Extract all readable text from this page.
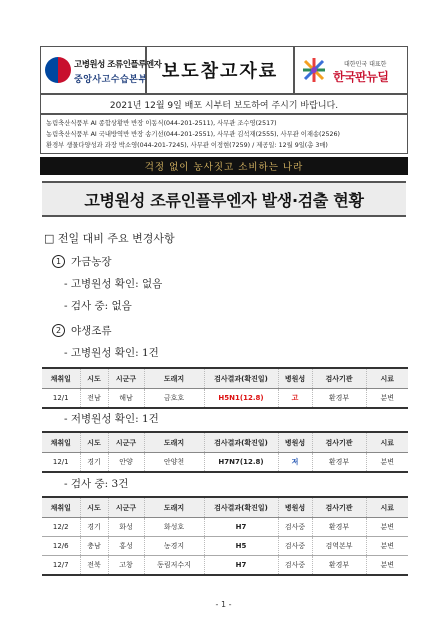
고병원성 조류인플루엔자
중앙사고수습본부 보도참고자료	대한민국 대표한
한국판뉴딜
2021년 12월 9일 배포 시부터 보도하여 주시기 바랍니다.
농림축산식품부 AI 종합상황반 반장 이동식(044-201-2511), 사무관 조수영(2517)
농림축산식품부 AI 국내방역반 반장 송기선(044-201-2551), 사무관 김석재(2555), 사무관 이재송(2526)
환경부 생물다양성과 과장 박소영(044-201-7245), 사무관 이정현(7259) / 제공일: 12월 9일(총 3매)
걱정 없이 농사짓고 소비하는 나라
고병원성 조류인플루엔자 발생·검출 현황
□ 전일 대비 주요 변경사항
1 가금농장
- 고병원성 확인: 없음
- 검사 중: 없음
2 야생조류
- 고병원성 확인: 1건
채취일	시도	시군구	도래지	검사결과(확진일)	병원성	검사기관	시료
12/1	전남	해남	금호호	H5N1(12.8)	고	환경부	분변
- 저병원성 확인: 1건
채취일	시도	시군구	도래지	검사결과(확진일)	병원성	검사기관	시료
12/1	경기	안양	안양천	H7N7(12.8)	저	환경부	분변
- 검사 중: 3건
채취일	시도	시군구	도래지	검사결과(확진일)	병원성	검사기관	시료
12/2	경기	화성	화성호	H7	검사중	환경부	분변
12/6	충남	홍성	농경지	H5	검사중	검역본부	분변
12/7	전북	고창	동림저수지	H7	검사중	환경부	분변
- 1 -
